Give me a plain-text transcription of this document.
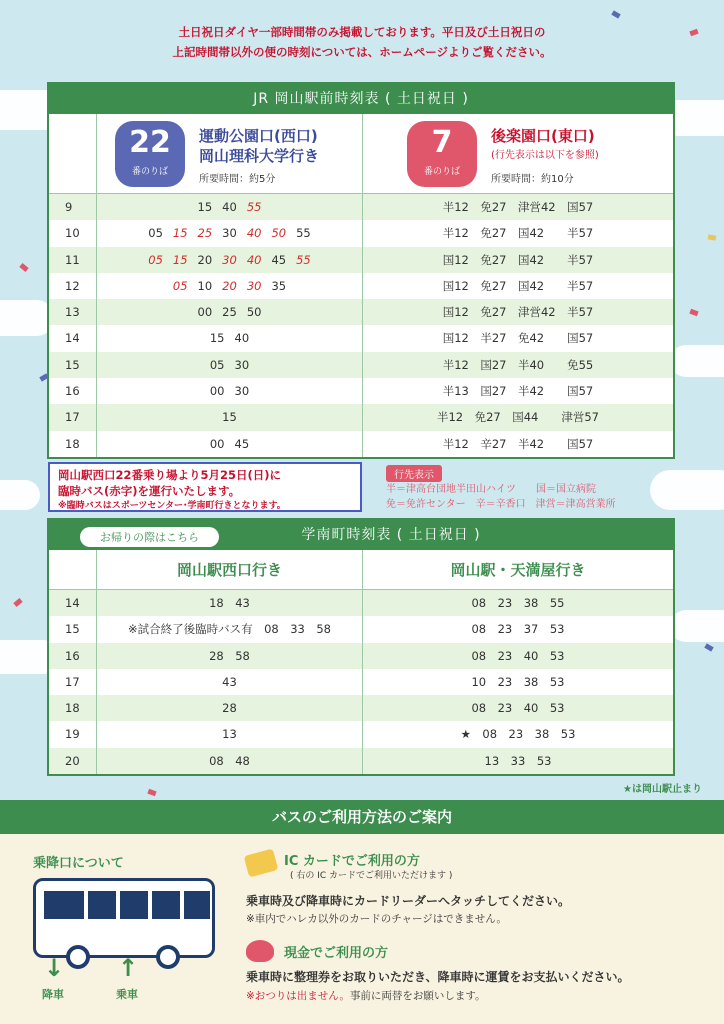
土日祝日ダイヤ一部時間帯のみ掲載しております。平日及び土日祝日の
上記時間帯以外の便の時刻については、ホームページよりご覧ください。
JR 岡山駅前時刻表 ( 土日祝日 )
22
番のりば
運動公園口(西口)
岡山理科大学行き
所要時間：約5分
7
番のりば
後楽園口(東口)
(行先表示は以下を参照)
所要時間：約10分
9	15 40 55	半12　免27　津営42　国57
10	05 15 25 30 40 50 55	半12　免27　国42　　半57
11	05 15 20 30 40 45 55	国12　免27　国42　　半57
12	05 10 20 30 35	国12　免27　国42　　半57
13	00 25 50	国12　免27　津営42　半57
14	15 40	国12　半27　免42　　国57
15	05 30	半12　国27　半40　　免55
16	00 30	半13　国27　半42　　国57
17	15	半12　免27　国44　　津営57
18	00 45	半12　辛27　半42　　国57
岡山駅西口22番乗り場より5月25日(日)に
臨時バス(赤字)を運行いたします。
※臨時バスはスポーツセンター･学南町行きとなります。
行先表示
半＝津高台団地半田山ハイツ　　国＝国立病院
免＝免許センター　辛＝辛香口　津営＝津高営業所
学南町時刻表 ( 土日祝日 )
岡山駅西口行き	岡山駅・天満屋行き
14	18　43	08　23　38　55
15	※試合終了後臨時バス有　08　33　58	08　23　37　53
16	28　58	08　23　40　53
17	43	10　23　38　53
18	28	08　23　40　53
19	13	★　08　23　38　53
20	08　48	13　33　53
お帰りの際はこちら
★は岡山駅止まり
バスのご利用方法のご案内
乗降口について
↓ ↑
降車	乗車
IC カードでご利用の方
( 右の IC カードでご利用いただけます )
乗車時及び降車時にカードリーダーへタッチしてください。
※車内でハレカ以外のカードのチャージはできません。
現金でご利用の方
乗車時に整理券をお取りいただき、降車時に運賃をお支払いください。
※おつりは出ません。事前に両替をお願いします。
